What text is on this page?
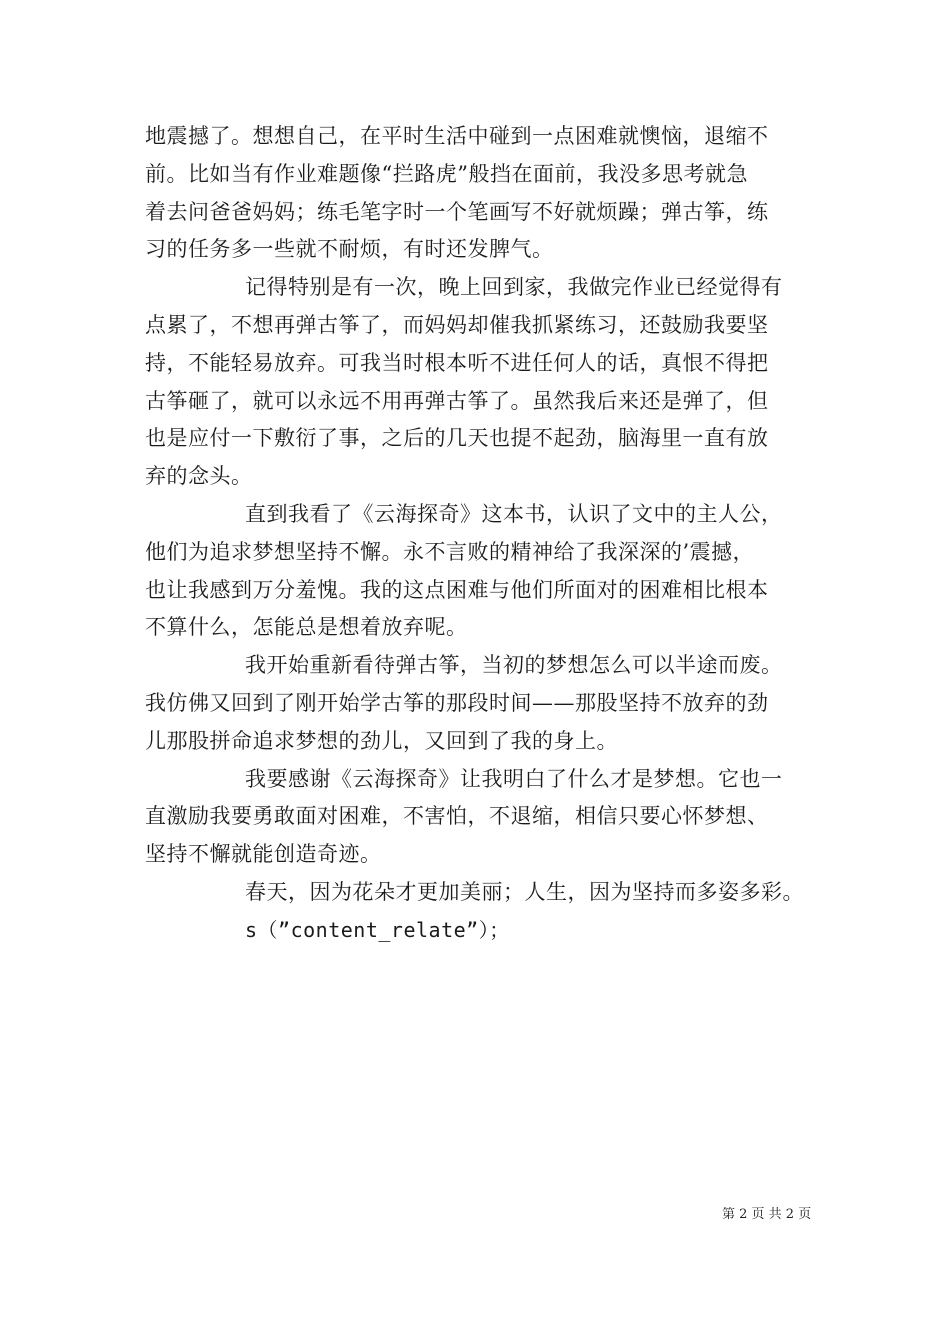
地震撼了。想想自己，在平时生活中碰到一点困难就懊恼，退缩不
前。比如当有作业难题像“拦路虎”般挡在面前，我没多思考就急
着去问爸爸妈妈；练毛笔字时一个笔画写不好就烦躁；弹古筝，练
习的任务多一些就不耐烦，有时还发脾气。
记得特别是有一次，晚上回到家，我做完作业已经觉得有
点累了，不想再弹古筝了，而妈妈却催我抓紧练习，还鼓励我要坚
持，不能轻易放弃。可我当时根本听不进任何人的话，真恨不得把
古筝砸了，就可以永远不用再弹古筝了。虽然我后来还是弹了，但
也是应付一下敷衍了事，之后的几天也提不起劲，脑海里一直有放
弃的念头。
直到我看了《云海探奇》这本书，认识了文中的主人公，
他们为追求梦想坚持不懈。永不言败的精神给了我深深的’震撼，
也让我感到万分羞愧。我的这点困难与他们所面对的困难相比根本
不算什么，怎能总是想着放弃呢。
我开始重新看待弹古筝，当初的梦想怎么可以半途而废。
我仿佛又回到了刚开始学古筝的那段时间——那股坚持不放弃的劲
儿那股拼命追求梦想的劲儿，又回到了我的身上。
我要感谢《云海探奇》让我明白了什么才是梦想。它也一
直激励我要勇敢面对困难，不害怕，不退缩，相信只要心怀梦想、
坚持不懈就能创造奇迹。
春天，因为花朵才更加美丽；人生，因为坚持而多姿多彩。
s（”content_relate”）；
第 2 页 共 2 页
